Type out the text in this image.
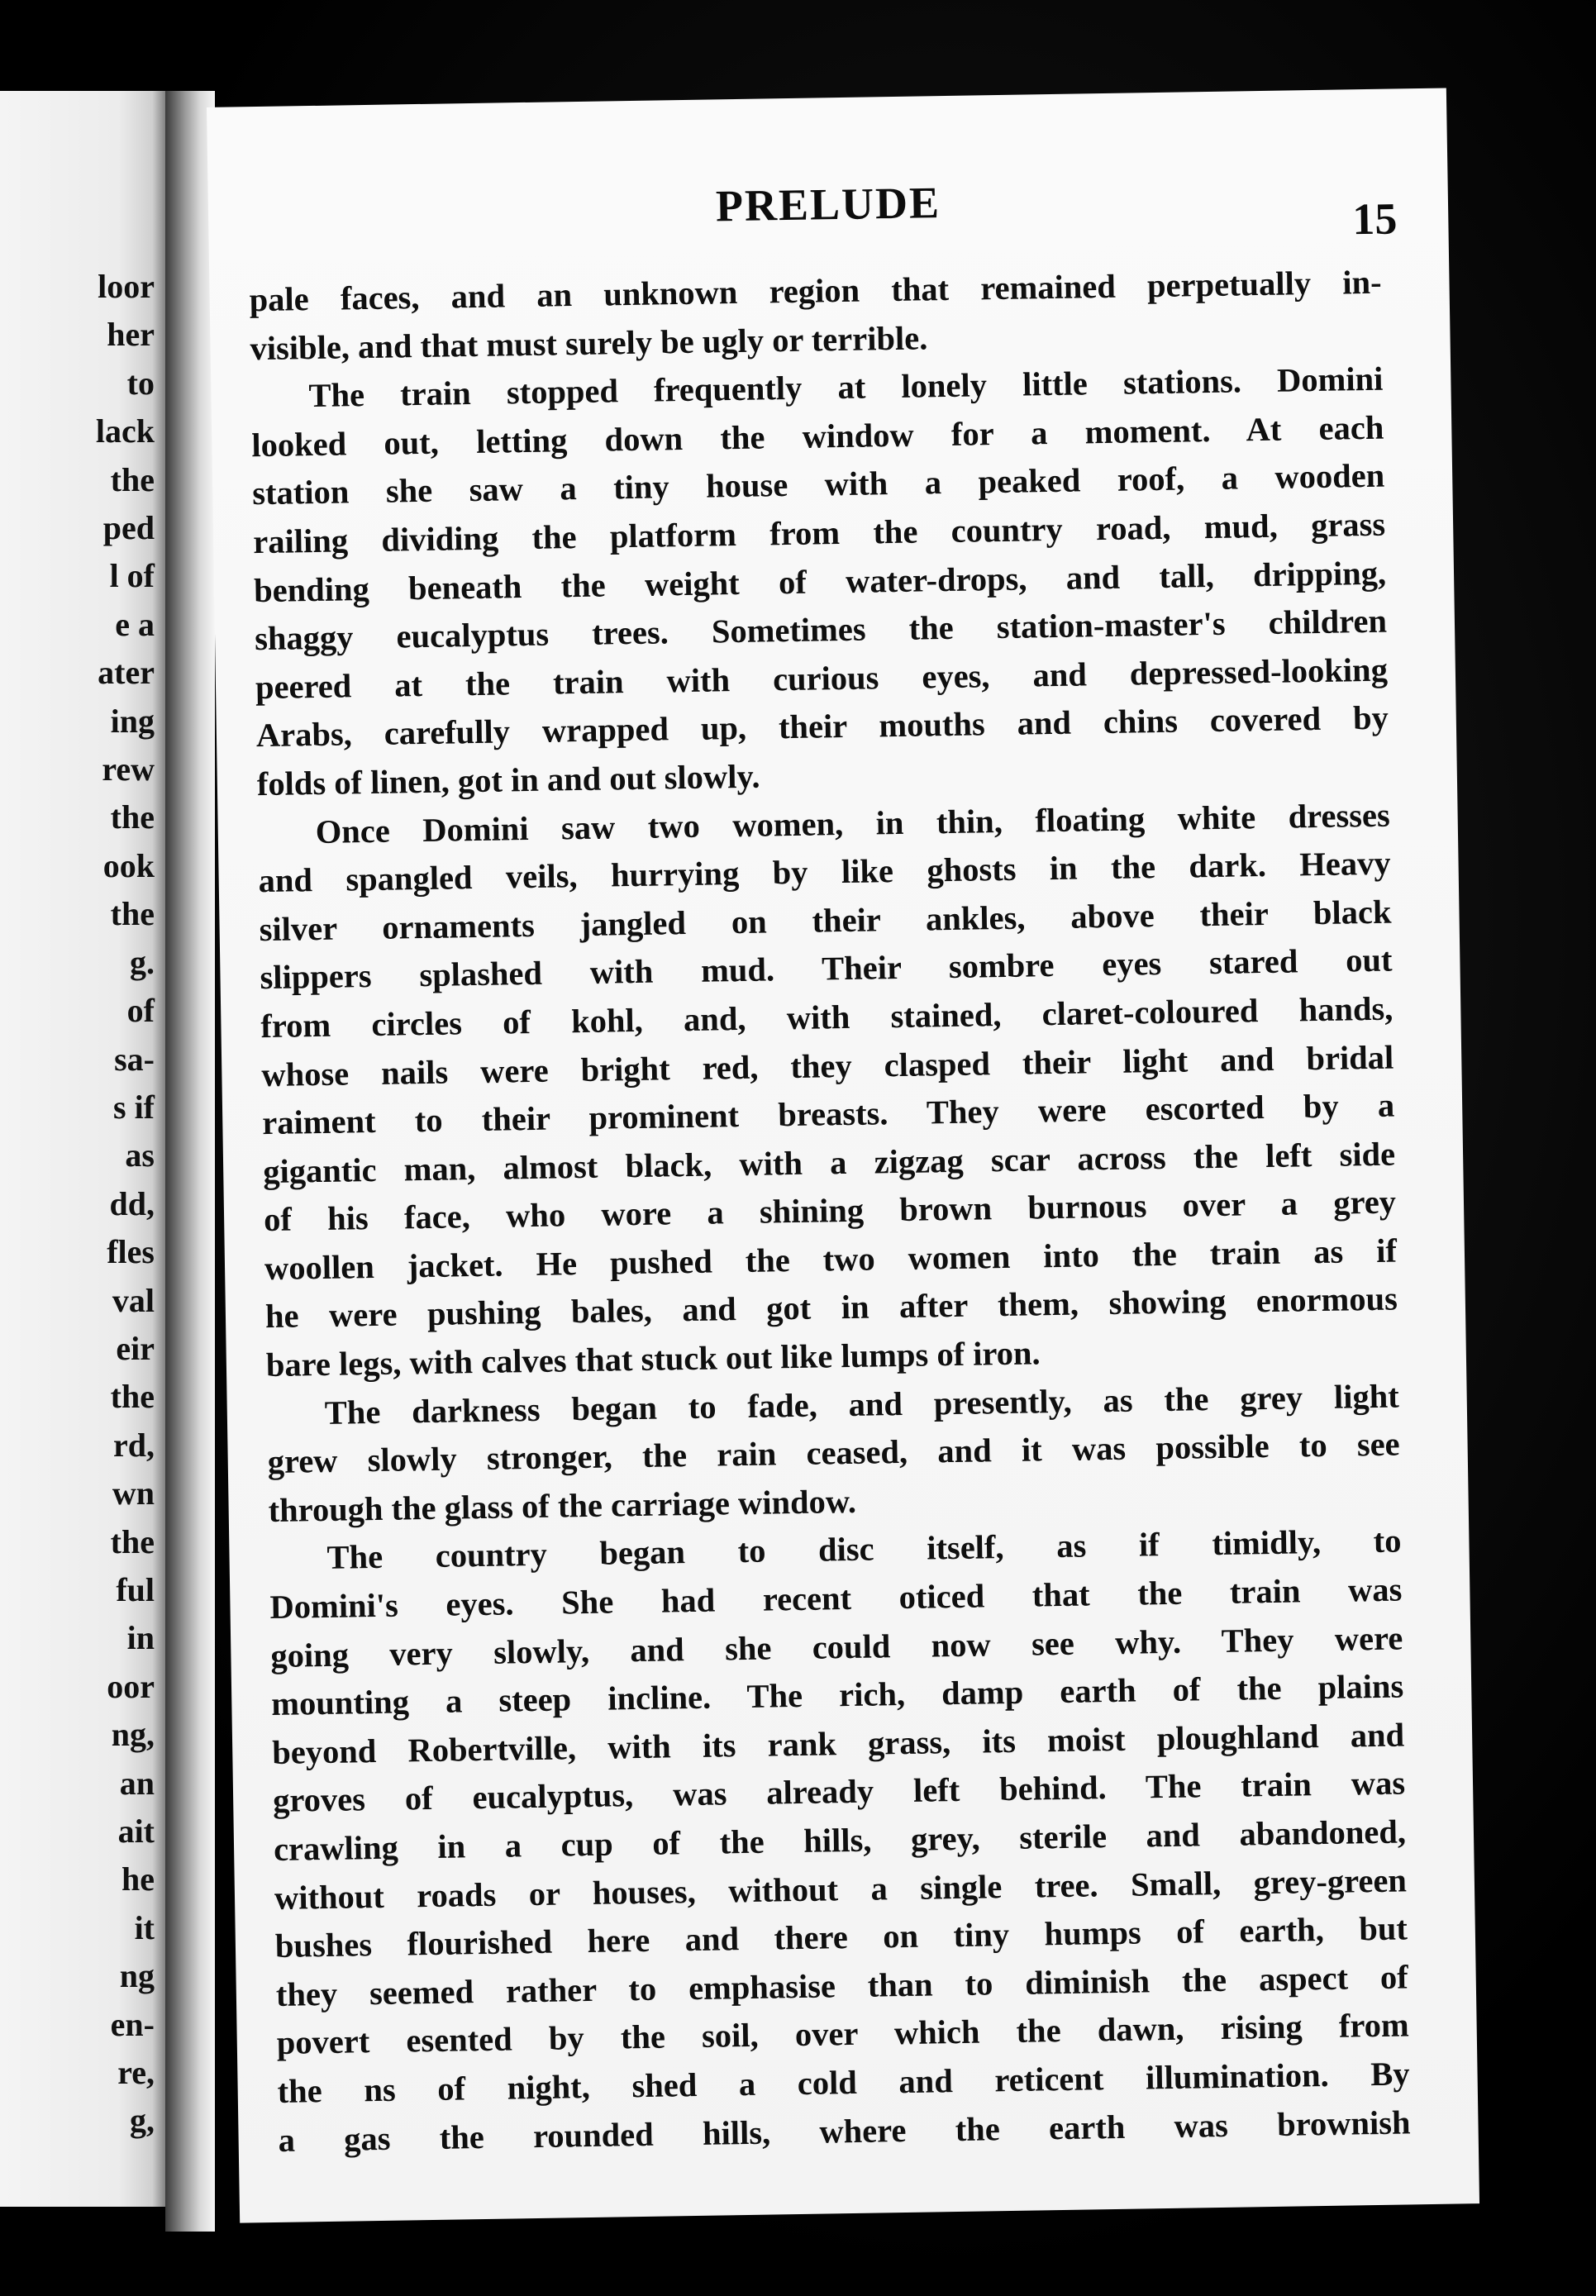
loor
her
to
lack
the
ped
l of
e a
ater
ing
rew
the
ook
the
g.
of
sa-
s if
as
dd,
fles
val
eir
the
rd,
wn
the
ful
in
oor
ng,
an
ait
he
it
ng
en-
re,
g,
PRELUDE	15
pale faces, and an unknown region that remained perpetually in-
visible, and that must surely be ugly or terrible.
The train stopped frequently at lonely little stations. Domini
looked out, letting down the window for a moment. At each
station she saw a tiny house with a peaked roof, a wooden
railing dividing the platform from the country road, mud, grass
bending beneath the weight of water-drops, and tall, dripping,
shaggy eucalyptus trees. Sometimes the station-master's children
peered at the train with curious eyes, and depressed-looking
Arabs, carefully wrapped up, their mouths and chins covered by
folds of linen, got in and out slowly.
Once Domini saw two women, in thin, floating white dresses
and spangled veils, hurrying by like ghosts in the dark. Heavy
silver ornaments jangled on their ankles, above their black
slippers splashed with mud. Their sombre eyes stared out
from circles of kohl, and, with stained, claret-coloured hands,
whose nails were bright red, they clasped their light and bridal
raiment to their prominent breasts. They were escorted by a
gigantic man, almost black, with a zigzag scar across the left side
of his face, who wore a shining brown burnous over a grey
woollen jacket. He pushed the two women into the train as if
he were pushing bales, and got in after them, showing enormous
bare legs, with calves that stuck out like lumps of iron.
The darkness began to fade, and presently, as the grey light
grew slowly stronger, the rain ceased, and it was possible to see
through the glass of the carriage window.
The country began to disc itself, as if timidly, to
Domini's eyes. She had recent oticed that the train was
going very slowly, and she could now see why. They were
mounting a steep incline. The rich, damp earth of the plains
beyond Robertville, with its rank grass, its moist ploughland and
groves of eucalyptus, was already left behind. The train was
crawling in a cup of the hills, grey, sterile and abandoned,
without roads or houses, without a single tree. Small, grey-green
bushes flourished here and there on tiny humps of earth, but
they seemed rather to emphasise than to diminish the aspect of
povert esented by the soil, over which the dawn, rising from
the ns of night, shed a cold and reticent illumination. By
a gas the rounded hills, where the earth was brownish
